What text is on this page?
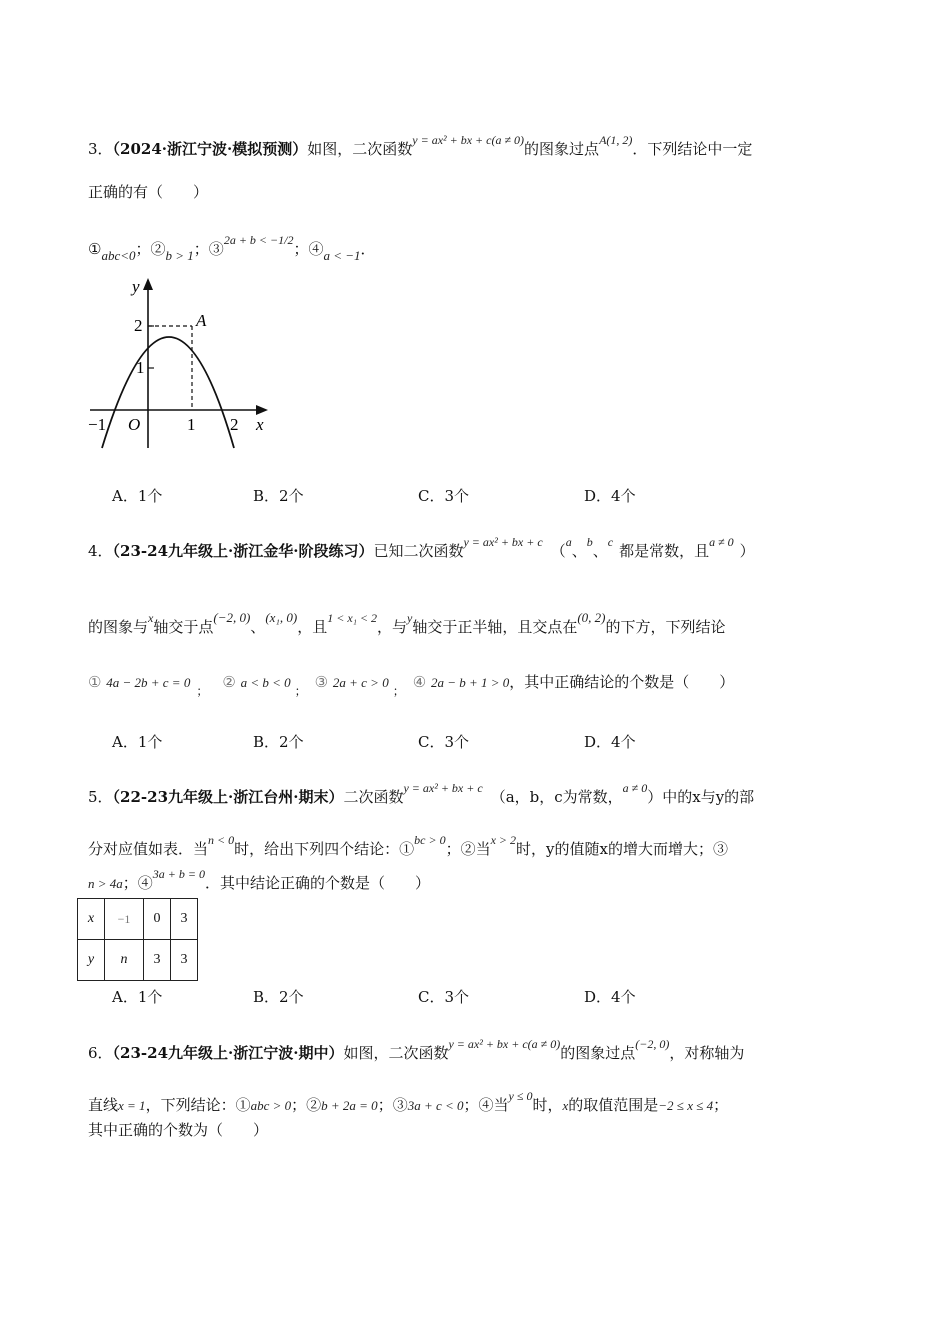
3．（2024·浙江宁波·模拟预测）如图，二次函数$^{y = ax^2 + bx + c(a \ne 0)}$的图象过点$^{A(1, 2)}$．下列结论中一定
正确的有（　　）
①abc<0；②b > 1；③$^{2a + b < -1/2}$；④a < −1．
y
2
1
A
−1 O	1 2 x
A．1个	B．2个	C．3个	D．4个
4．（23-24九年级上·浙江金华·阶段练习）已知二次函数$^{y = ax^2 + bx + c}$ （$^a$、$^b$、$^c$ 都是常数，且$^{a \ne 0}$ ）
的图象与$^x$轴交于点(−2, 0)、(x₁, 0)，且$^{1 < x_1 < 2}$，与$^y$轴交于正半轴，且交点在(0, 2)的下方，下列结论
① $4a - 2b + c = 0_;$ ② $a < b < 0_;$ ③ $2a + c > 0_;$ ④ 2a − b + 1 > 0，其中正确结论的个数是（　　）
A．1个	B．2个	C．3个	D．4个
5．（22-23九年级上·浙江台州·期末）二次函数$^{y = ax^2 + bx + c}$ （a，b，c为常数，$^{a \ne 0}$）中的x与y的部
分对应值如表．当$^{n < 0}$时，给出下列四个结论：①$^{bc > 0}$；②当$^{x > 2}$时，y的值随x的增大而增大；③
n > 4a；④$^{3a + b = 0}$．其中结论正确的个数是（　　）
x	−1	0	3
y	n	3	3
A．1个	B．2个	C．3个	D．4个
6．（23-24九年级上·浙江宁波·期中）如图，二次函数$^{y = ax^2 + bx + c(a \ne 0)}$的图象过点$^{(-2, 0)}$，对称轴为
直线x = 1，下列结论：①abc > 0；②b + 2a = 0；③3a + c < 0；④当$^{y \le 0}$时，x的取值范围是−2 ≤ x ≤ 4；
其中正确的个数为（　　）
